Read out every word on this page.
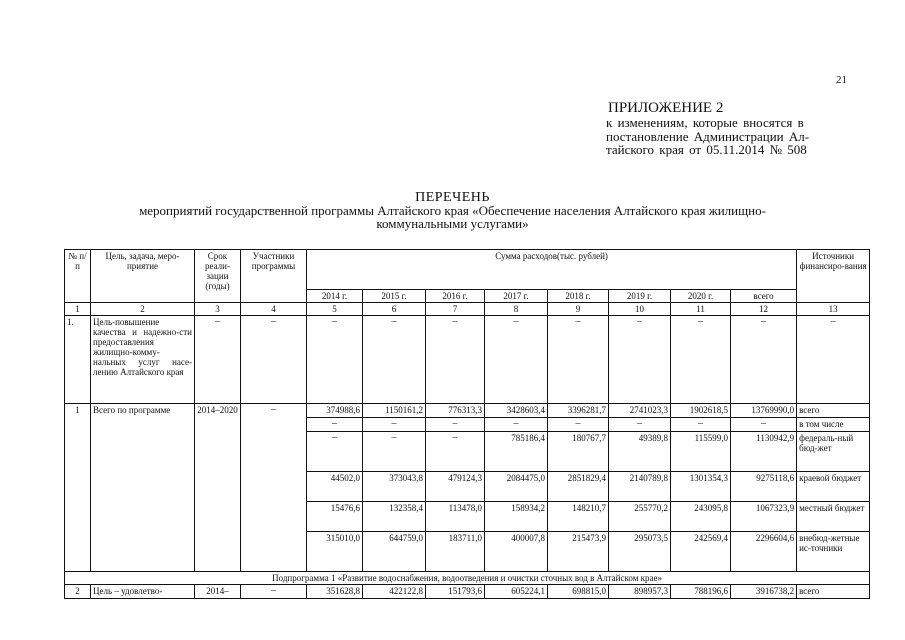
21
ПРИЛОЖЕНИЕ 2
к изменениям, которые вносятся в
постановление Администрации Ал-
тайского края от 05.11.2014 № 508
ПЕРЕЧЕНЬ
мероприятий государственной программы Алтайского края «Обеспечение населения Алтайского края жилищно-
коммунальными услугами»
№ п/п	Цель, задача, меро-приятие	Срок реали-зации (годы)	Участники программы	Сумма расходов(тыс. рублей)								Источники финансиро-вания
				2014 г.	2015 г.	2016 г.	2017 г.	2018 г.	2019 г.	2020 г.	всего	
1	2	3	4	5	6	7	8	9	10	11	12	13
1.	Цель-повышение качества и надежно-сти предоставления жилищно-комму-нальных услуг насе-лению Алтайского края	–	–	–	–	–	–	–	–	–	–	–
1	Всего по программе	2014–2020	–	374988,6	1150161,2	776313,3	3428603,4	3396281,7	2741023,3	1902618,5	13769990,0	всего
				–	–	–	–	–	–	–	–	в том числе
				–	–	–	785186,4	180767,7	49389,8	115599,0	1130942,9	федераль-ный бюд-жет
				44502,0	373043,8	479124,3	2084475,0	2851829,4	2140789,8	1301354,3	9275118,6	краевой бюджет
				15476,6	132358,4	113478,0	158934,2	148210,7	255770,2	243095,8	1067323,9	местный бюджет
				315010,0	644759,0	183711,0	400007,8	215473,9	295073,5	242569,4	2296604,6	внебюд-жетные ис-точники
Подпрограмма 1 «Развитие водоснабжения, водоотведения и очистки сточных вод в Алтайском крае»												
2	Цель – удовлетво-	2014–	–	351628,8	422122,8	151793,6	605224,1	698815,0	898957,3	788196,6	3916738,2	всего
